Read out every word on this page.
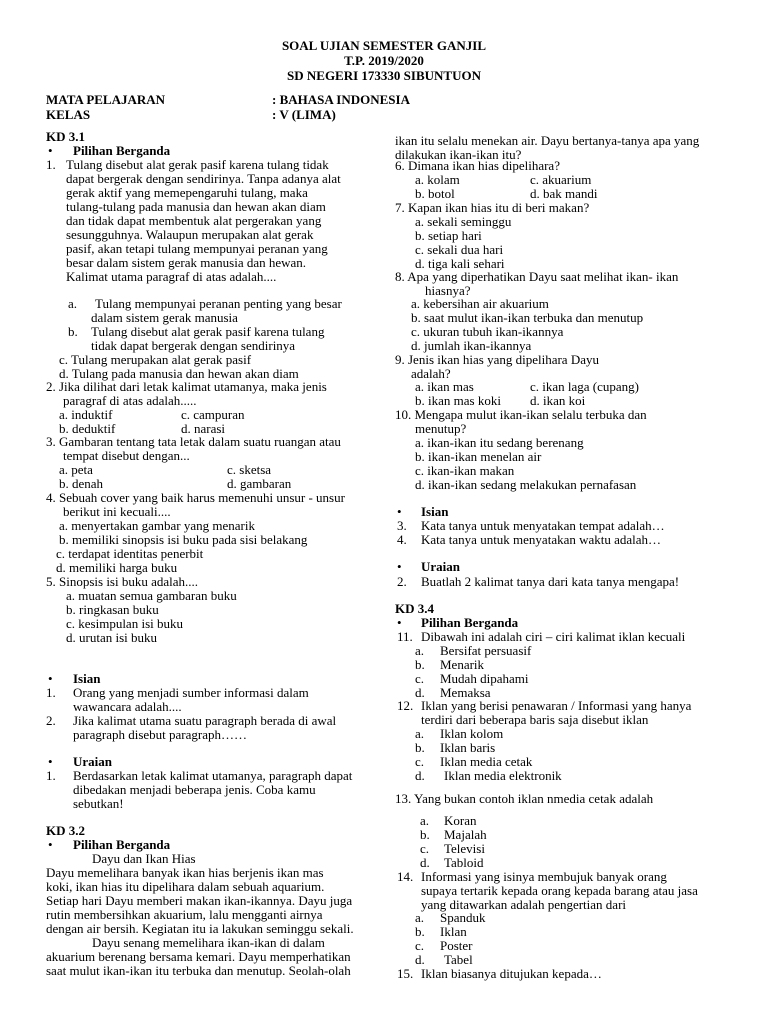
SOAL UJIAN SEMESTER GANJIL
T.P. 2019/2020
SD NEGERI 173330 SIBUNTUON
MATA PELAJARAN	: BAHASA INDONESIA
KELAS	: V (LIMA)
KD 3.1
• Pilihan Berganda
1. Tulang disebut alat gerak pasif karena tulang tidak
dapat bergerak dengan sendirinya. Tanpa adanya alat
gerak aktif yang memepengaruhi tulang, maka
tulang-tulang pada manusia dan hewan akan diam
dan tidak dapat membentuk alat pergerakan yang
sesungguhnya. Walaupun merupakan alat gerak
pasif, akan tetapi tulang mempunyai peranan yang
besar dalam sistem gerak manusia dan hewan.
Kalimat utama paragraf di atas adalah....
a. Tulang mempunyai peranan penting yang besar
dalam sistem gerak manusia
b. Tulang disebut alat gerak pasif karena tulang
tidak dapat bergerak dengan sendirinya
c. Tulang merupakan alat gerak pasif
d. Tulang pada manusia dan hewan akan diam
2. Jika dilihat dari letak kalimat utamanya, maka jenis
paragraf di atas adalah.....
a. induktif	c. campuran
b. deduktif	d. narasi
3. Gambaran tentang tata letak dalam suatu ruangan atau
tempat disebut dengan...
a. peta	c. sketsa
b. denah	d. gambaran
4. Sebuah cover yang baik harus memenuhi unsur - unsur
berikut ini kecuali....
a. menyertakan gambar yang menarik
b. memiliki sinopsis isi buku pada sisi belakang
c. terdapat identitas penerbit
d. memiliki harga buku
5. Sinopsis isi buku adalah....
a. muatan semua gambaran buku
b. ringkasan buku
c. kesimpulan isi buku
d. urutan isi buku
• Isian
1. Orang yang menjadi sumber informasi dalam
wawancara adalah....
2. Jika kalimat utama suatu paragraph berada di awal
paragraph disebut paragraph……
• Uraian
1. Berdasarkan letak kalimat utamanya, paragraph dapat
dibedakan menjadi beberapa jenis. Coba kamu
sebutkan!
KD 3.2
• Pilihan Berganda
Dayu dan Ikan Hias
Dayu memelihara banyak ikan hias berjenis ikan mas
koki, ikan hias itu dipelihara dalam sebuah aquarium.
Setiap hari Dayu memberi makan ikan-ikannya. Dayu juga
rutin membersihkan akuarium, lalu mengganti airnya
dengan air bersih. Kegiatan itu ia lakukan seminggu sekali.
Dayu senang memelihara ikan-ikan di dalam
akuarium berenang bersama kemari. Dayu memperhatikan
saat mulut ikan-ikan itu terbuka dan menutup. Seolah-olah
ikan itu selalu menekan air. Dayu bertanya-tanya apa yang
dilakukan ikan-ikan itu?
6. Dimana ikan hias dipelihara?
a. kolam	c. akuarium
b. botol	d. bak mandi
7. Kapan ikan hias itu di beri makan?
a. sekali seminggu
b. setiap hari
c. sekali dua hari
d. tiga kali sehari
8. Apa yang diperhatikan Dayu saat melihat ikan- ikan
hiasnya?
a. kebersihan air akuarium
b. saat mulut ikan-ikan terbuka dan menutup
c. ukuran tubuh ikan-ikannya
d. jumlah ikan-ikannya
9. Jenis ikan hias yang dipelihara Dayu
adalah?
a. ikan mas	c. ikan laga (cupang)
b. ikan mas koki d. ikan koi
10. Mengapa mulut ikan-ikan selalu terbuka dan
menutup?
a. ikan-ikan itu sedang berenang
b. ikan-ikan menelan air
c. ikan-ikan makan
d. ikan-ikan sedang melakukan pernafasan
• Isian
3. Kata tanya untuk menyatakan tempat adalah…
4. Kata tanya untuk menyatakan waktu adalah…
• Uraian
2. Buatlah 2 kalimat tanya dari kata tanya mengapa!
KD 3.4
• Pilihan Berganda
11. Dibawah ini adalah ciri – ciri kalimat iklan kecuali
a. Bersifat persuasif
b. Menarik
c. Mudah dipahami
d. Memaksa
12. Iklan yang berisi penawaran / Informasi yang hanya
terdiri dari beberapa baris saja disebut iklan
a. Iklan kolom
b. Iklan baris
c. Iklan media cetak
d. Iklan media elektronik
13. Yang bukan contoh iklan nmedia cetak adalah
a. Koran
b. Majalah
c. Televisi
d. Tabloid
14. Informasi yang isinya membujuk banyak orang
supaya tertarik kepada orang kepada barang atau jasa
yang ditawarkan adalah pengertian dari
a. Spanduk
b. Iklan
c. Poster
d. Tabel
15. Iklan biasanya ditujukan kepada…
